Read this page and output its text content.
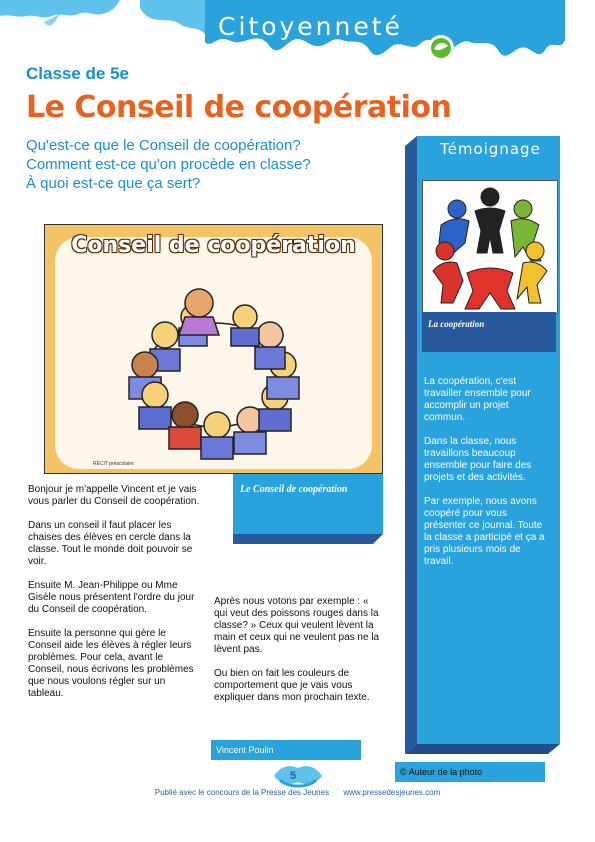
Citoyenneté
Classe de 5e
Le Conseil de coopération
Qu'est-ce que le Conseil de coopération?
Comment est-ce qu'on procède en classe?
À quoi est-ce que ça sert?
Conseil de coopération
RÉCIT préscolaire

Bonjour je m'appelle Vincent et je vais vous parler du Conseil de coopération.

Dans un conseil il faut placer les chaises des élèves en cercle dans la classe. Tout le monde doit pouvoir se voir.

Ensuite M. Jean-Philippe ou Mme Gisèle nous présentent l'ordre du jour du Conseil de coopération.

Ensuite la personne qui gère le Conseil aide les élèves à régler leurs problèmes. Pour cela, avant le Conseil, nous écrivons les problèmes que nous voulons régler sur un tableau.

Le Conseil de coopération

Après nous votons par exemple : « qui veut des poissons rouges dans la classe? » Ceux qui veulent lèvent la main et ceux qui ne veulent pas ne la lèvent pas.

Ou bien on fait les couleurs de comportement que je vais vous expliquer dans mon prochain texte.

Vincent Poulin
Témoignage
La coopération

La coopération, c'est travailler ensemble pour accomplir un projet commun.

Dans la classe, nous travaillons beaucoup ensemble pour faire des projets et des activités.

Par exemple, nous avons coopéré pour vous présenter ce journal. Toute la classe a participé et ça a pris plusieurs mois de travail.

© Auteur de la photo
5
Publié avec le concours de la Presse des Jeunes www.pressedesjeunes.com
